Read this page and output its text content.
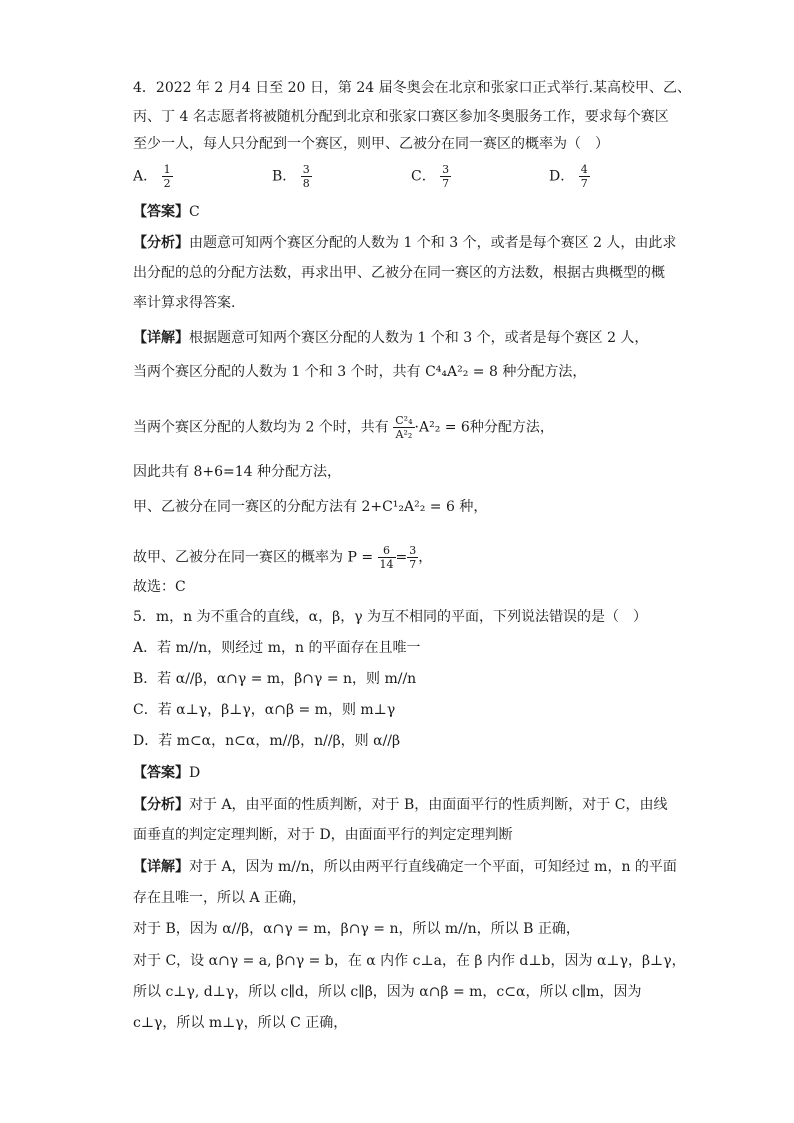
4．2022 年 2 月4 日至 20 日，第 24 届冬奥会在北京和张家口正式举行.某高校甲、乙、
丙、丁 4 名志愿者将被随机分配到北京和张家口赛区参加冬奥服务工作，要求每个赛区
至少一人，每人只分配到一个赛区，则甲、乙被分在同一赛区的概率为（　）
A． $\frac{1}{2}$	B． $\frac{3}{8}$	C． $\frac{3}{7}$	D． $\frac{4}{7}$
【答案】C
【分析】由题意可知两个赛区分配的人数为 1 个和 3 个，或者是每个赛区 2 人，由此求
出分配的总的分配方法数，再求出甲、乙被分在同一赛区的方法数，根据古典概型的概
率计算求得答案.
【详解】根据题意可知两个赛区分配的人数为 1 个和 3 个，或者是每个赛区 2 人，
当两个赛区分配的人数为 1 个和 3 个时，共有 C⁴₄A²₂ = 8 种分配方法，
当两个赛区分配的人数均为 2 个时，共有 $\frac{\text{C²₄}}{\text{A²₂}} \cdot A^2_2 = 6$种分配方法，
因此共有 8+6=14 种分配方法，
甲、乙被分在同一赛区的分配方法有 2+C¹₂A²₂ = 6 种，
故甲、乙被分在同一赛区的概率为 $P = \frac{6}{14} = \frac{3}{7}$ ，
故选：C
5．m，n 为不重合的直线，α，β，γ 为互不相同的平面，下列说法错误的是（　）
A．若 m//n，则经过 m，n 的平面存在且唯一
B．若 α//β，α∩γ = m，β∩γ = n，则 m//n
C．若 α⊥γ，β⊥γ，α∩β = m，则 m⊥γ
D．若 m⊂α，n⊂α，m//β，n//β，则 α//β
【答案】D
【分析】对于 A，由平面的性质判断，对于 B，由面面平行的性质判断，对于 C，由线
面垂直的判定定理判断，对于 D，由面面平行的判定定理判断
【详解】对于 A，因为 m//n，所以由两平行直线确定一个平面，可知经过 m，n 的平面
存在且唯一，所以 A 正确，
对于 B，因为 α//β，α∩γ = m，β∩γ = n，所以 m//n，所以 B 正确，
对于 C，设 α∩γ = a, β∩γ = b，在 α 内作 c⊥a，在 β 内作 d⊥b，因为 α⊥γ，β⊥γ，
所以 c⊥γ, d⊥γ，所以 c∥d，所以 c∥β，因为 α∩β = m，c⊂α，所以 c∥m，因为
c⊥γ，所以 m⊥γ，所以 C 正确，
